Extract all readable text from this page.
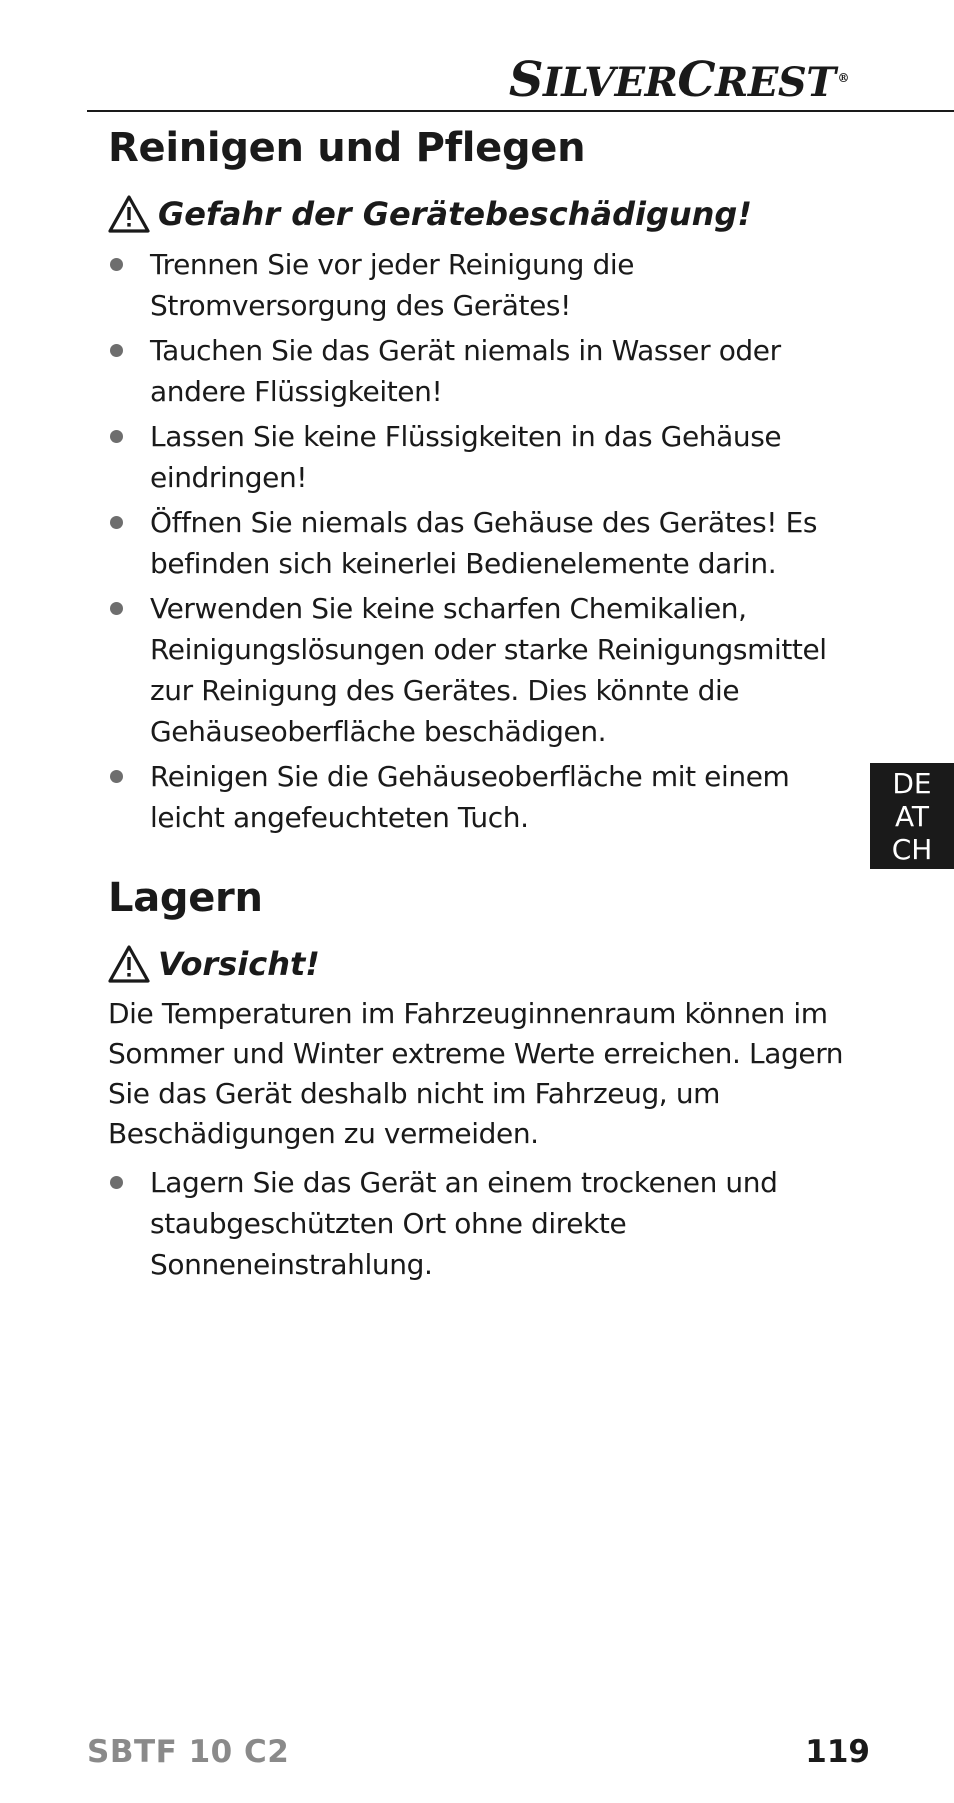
SILVERCREST ®
Reinigen und Pflegen
Gefahr der Gerätebeschädigung!
Trennen Sie vor jeder Reinigung die Stromversorgung des Gerätes!
Tauchen Sie das Gerät niemals in Wasser oder andere Flüssigkeiten!
Lassen Sie keine Flüssigkeiten in das Gehäuse eindringen!
Öffnen Sie niemals das Gehäuse des Gerätes! Es befinden sich keinerlei Bedienelemente darin.
Verwenden Sie keine scharfen Chemikalien, Reinigungslösungen oder starke Reinigungsmittel zur Reinigung des Gerätes. Dies könnte die Gehäuseoberfläche beschädigen.
Reinigen Sie die Gehäuseoberfläche mit einem leicht angefeuchteten Tuch.
Lagern
Vorsicht!

Die Temperaturen im Fahrzeuginnenraum können im Sommer und Winter extreme Werte erreichen. Lagern Sie das Gerät deshalb nicht im Fahrzeug, um Beschädigungen zu vermeiden.

Lagern Sie das Gerät an einem trockenen und staubgeschützten Ort ohne direkte Sonneneinstrahlung.
DE
AT
CH
SBTF 10 C2	119
